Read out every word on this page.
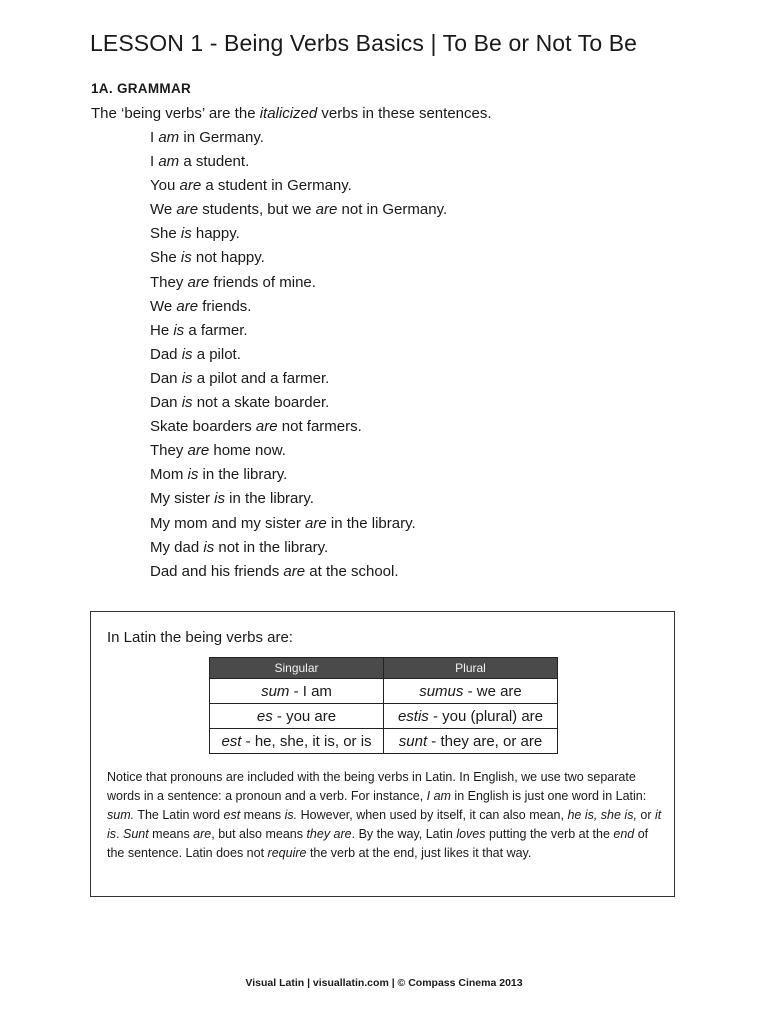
LESSON 1 - Being Verbs Basics | To Be or Not To Be
1A. GRAMMAR

The ‘being verbs’ are the italicized verbs in these sentences.

I am in Germany.
I am a student.
You are a student in Germany.
We are students, but we are not in Germany.
She is happy.
She is not happy.
They are friends of mine.
We are friends.
He is a farmer.
Dad is a pilot.
Dan is a pilot and a farmer.
Dan is not a skate boarder.
Skate boarders are not farmers.
They are home now.
Mom is in the library.
My sister is in the library.
My mom and my sister are in the library.
My dad is not in the library.
Dad and his friends are at the school.

In Latin the being verbs are:

Singular	Plural
sum - I am	sumus - we are
es - you are	estis - you (plural) are
est - he, she, it is, or is	sunt - they are, or are

Notice that pronouns are included with the being verbs in Latin. In English, we use two separate words in a sentence: a pronoun and a verb. For instance, I am in English is just one word in Latin: sum. The Latin word est means is. However, when used by itself, it can also mean, he is, she is, or it is. Sunt means are, but also means they are. By the way, Latin loves putting the verb at the end of the sentence. Latin does not require the verb at the end, just likes it that way.

Visual Latin | visuallatin.com | © Compass Cinema 2013
